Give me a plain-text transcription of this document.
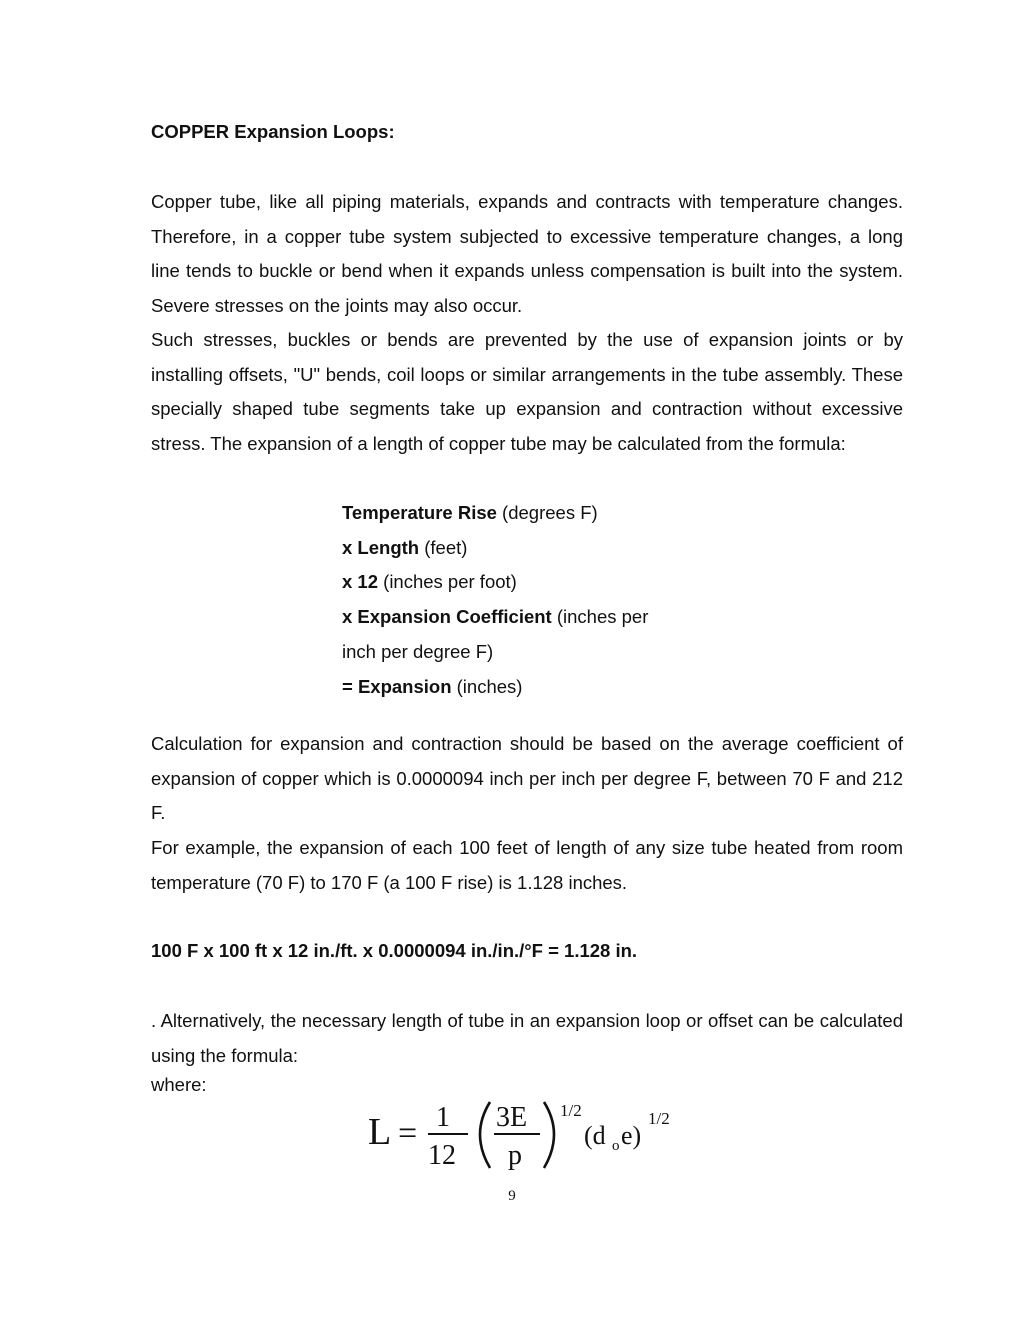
COPPER Expansion Loops:

Copper tube, like all piping materials, expands and contracts with temperature changes. Therefore, in a copper tube system subjected to excessive temperature changes, a long line tends to buckle or bend when it expands unless compensation is built into the system. Severe stresses on the joints may also occur.

Such stresses, buckles or bends are prevented by the use of expansion joints or by installing offsets, "U" bends, coil loops or similar arrangements in the tube assembly. These specially shaped tube segments take up expansion and contraction without excessive stress. The expansion of a length of copper tube may be calculated from the formula:

Temperature Rise (degrees F)
x Length (feet)
x 12 (inches per foot)
x Expansion Coefficient (inches per
inch per degree F)
= Expansion (inches)

Calculation for expansion and contraction should be based on the average coefficient of expansion of copper which is 0.0000094 inch per inch per degree F, between 70 F and 212 F.

For example, the expansion of each 100 feet of length of any size tube heated from room temperature (70 F) to 170 F (a 100 F rise) is 1.128 inches.

100 F x 100 ft x 12 in./ft. x 0.0000094 in./in./°F = 1.128 in.

. Alternatively, the necessary length of tube in an expansion loop or offset can be calculated using the formula:

where:
L = 1
12
3E
p
1/2
(d o e)
1/2
9
